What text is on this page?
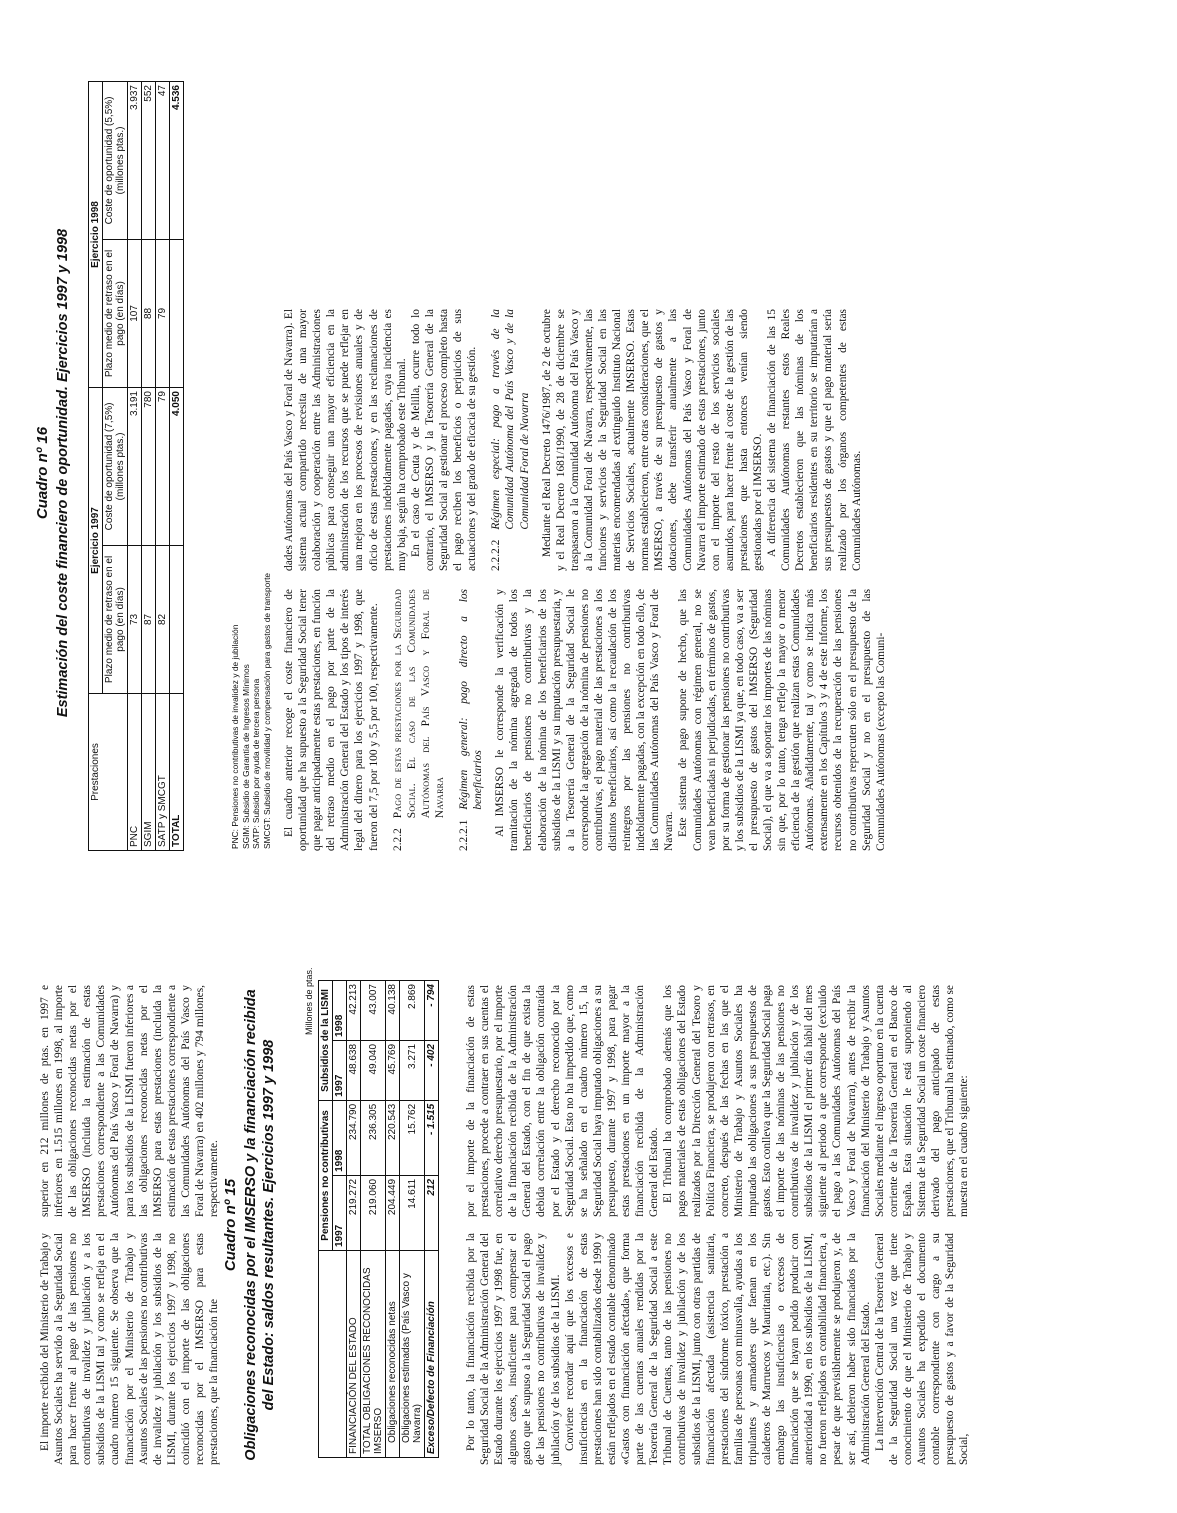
El importe recibido del Ministerio de Trabajo y Asuntos Sociales ha servido a la Seguridad Social para hacer frente al pago de las pensiones no contributivas de invalidez y jubilación y a los subsidios de la LISMI tal y como se refleja en el cuadro número 15 siguiente. Se observa que la financiación por el Ministerio de Trabajo y Asuntos Sociales de las pensiones no contributivas de invalidez y jubilación y los subsidios de la LISMI, durante los ejercicios 1997 y 1998, no coincidió con el importe de las obligaciones reconocidas por el IMSERSO para estas prestaciones, que la financiación fue

superior en 212 millones de ptas. en 1997 e inferiores en 1.515 millones en 1998, al importe de las obligaciones reconocidas netas por el IMSERSO (incluida la estimación de estas prestaciones correspondiente a las Comunidades Autónomas del País Vasco y Foral de Navarra) y para los subsidios de la LISMI fueron inferiores a las obligaciones reconocidas netas por el IMSERSO para estas prestaciones (incluida la estimación de estas prestaciones correspondiente a las Comunidades Autónomas del País Vasco y Foral de Navarra) en 402 millones y 794 millones, respectivamente.

Cuadro nº 15 Obligaciones reconocidas por el IMSERSO y la financiación recibida del Estado: saldos resultantes. Ejercicios 1997 y 1998
Millones de ptas.
	Pensiones no contributivas		Subsidios de la LISMI	
	1997	1998	1997	1998
FINANCIACIÓN DEL ESTADO	219.272	234.790	48.638	42.213
TOTAL OBLIGACIONES RECONOCIDAS IMSERSO	219.060	236.305	49.040	43.007
Obligaciones reconocidas netas	204.449	220.543	45.769	40.138
Obligaciones estimadas (País Vasco y Navarra)	14.611	15.762	3.271	2.869
Exceso/Defecto de Financiación	212	- 1.515	- 402	- 794

Por lo tanto, la financiación recibida por la Seguridad Social de la Administración General del Estado durante los ejercicios 1997 y 1998 fue, en algunos casos, insuficiente para compensar el gasto que le supuso a la Seguridad Social el pago de las pensiones no contributivas de invalidez y jubilación y de los subsidios de la LISMI. Conviene recordar aquí que los excesos e insuficiencias en la financiación de estas prestaciones han sido contabilizados desde 1990 y están reflejados en el estado contable denominado «Gastos con financiación afectada», que forma parte de las cuentas anuales rendidas por la Tesorería General de la Seguridad Social a este Tribunal de Cuentas, tanto de las pensiones no contributivas de invalidez y jubilación y de los subsidios de la LISMI, junto con otras partidas de financiación afectada (asistencia sanitaria, prestaciones del síndrome tóxico, prestación a familias de personas con minusvalía, ayudas a los tripulantes y armadores que faenan en los caladeros de Marruecos y Mauritania, etc.). Sin embargo las insuficiencias o excesos de financiación que se hayan podido producir con anterioridad a 1990, en los subsidios de la LISMI, no fueron reflejados en contabilidad financiera, a pesar de que previsiblemente se produjeron y, de ser así, debieron haber sido financiados por la Administración General del Estado. La Intervención Central de la Tesorería General de la Seguridad Social una vez que tiene conocimiento de que el Ministerio de Trabajo y Asuntos Sociales ha expedido el documento contable correspondiente con cargo a su presupuesto de gastos y a favor de la Seguridad Social,

por el importe de la financiación de estas prestaciones, procede a contraer en sus cuentas el correlativo derecho presupuestario, por el importe de la financiación recibida de la Administración General del Estado, con el fin de que exista la debida correlación entre la obligación contraída por el Estado y el derecho reconocido por la Seguridad Social. Esto no ha impedido que, como se ha señalado en el cuadro número 15, la Seguridad Social haya imputado obligaciones a su presupuesto, durante 1997 y 1998, para pagar estas prestaciones en un importe mayor a la financiación recibida de la Administración General del Estado. El Tribunal ha comprobado además que los pagos materiales de estas obligaciones del Estado realizados por la Dirección General del Tesoro y Política Financiera, se produjeron con retrasos, en concreto, después de las fechas en las que el Ministerio de Trabajo y Asuntos Sociales ha imputado las obligaciones a sus presupuestos de gastos. Esto conlleva que la Seguridad Social paga el importe de las nóminas de las pensiones no contributivas de invalidez y jubilación y de los subsidios de la LISMI el primer día hábil del mes siguiente al periodo a que corresponde (excluido el pago a las Comunidades Autónomas del País Vasco y Foral de Navarra), antes de recibir la financiación del Ministerio de Trabajo y Asuntos Sociales mediante el ingreso oportuno en la cuenta corriente de la Tesorería General en el Banco de España. Esta situación le está suponiendo al Sistema de la Seguridad Social un coste financiero derivado del pago anticipado de estas prestaciones, que el Tribunal ha estimado, como se muestra en el cuadro siguiente:

Cuadro nº 16 Estimación del coste financiero de oportunidad. Ejercicios 1997 y 1998
Prestaciones	Ejercicio 1997		Ejercicio 1998	
	Plazo medio de retraso en el pago (en días)	Coste de oportunidad (7,5%) (millones ptas.)	Plazo medio de retraso en el pago (en días)	Coste de oportunidad (5,5%) (millones ptas.)
PNC	73	3.191	107	3.937
SGIM	87	780	88	552
SATP y SMCGT	82	79	79	47
TOTAL		4.050		4.536
PNC: Pensiones no contributivas de invalidez y de jubilación SGIM: Subsidio de Garantía de Ingresos Mínimos SATP: Subsidio por ayuda de tercera persona SMCGT: Subsidio de movilidad y compensación para gastos de transporte El cuadro anterior recoge el coste financiero de oportunidad que ha supuesto a la Seguridad Social tener que pagar anticipadamente estas prestaciones, en función del retraso medio en el pago por parte de la Administración General del Estado y los tipos de interés legal del dinero para los ejercicios 1997 y 1998, que fueron del 7,5 por 100 y 5,5 por 100, respectivamente. 2.2.2
Pago de estas prestaciones por la Seguridad Social. El caso de las Comunidades Autónomas del País Vasco y Foral de Navarra
2.2.2.1
Régimen general: pago directo a los beneficiarios Al IMSERSO le corresponde la verificación y tramitación de la nómina agregada de todos los beneficiarios de pensiones no contributivas y la elaboración de la nómina de los beneficiarios de los subsidios de la LISMI y su imputación presupuestaria, y a la Tesorería General de la Seguridad Social le corresponde la agregación de la nómina de pensiones no contributivas, el pago material de las prestaciones a los distintos beneficiarios, así como la recaudación de los reintegros por las pensiones no contributivas indebidamente pagadas, con la excepción en todo ello, de las Comunidades Autónomas del País Vasco y Foral de Navarra. Este sistema de pago supone de hecho, que las Comunidades Autónomas con régimen general, no se vean beneficiadas ni perjudicadas, en términos de gastos, por su forma de gestionar las pensiones no contributivas y los subsidios de la LISMI ya que, en todo caso, va a ser el presupuesto de gastos del IMSERSO (Seguridad Social), el que va a soportar los importes de las nóminas sin que, por lo tanto, tenga reflejo la mayor o menor eficiencia de la gestión que realizan estas Comunidades Autónomas. Añadidamente, tal y como se indica más extensamente en los Capítulos 3 y 4 de este Informe, los recursos obtenidos de la recuperación de las pensiones no contributivas repercuten sólo en el presupuesto de la Seguridad Social y no en el presupuesto de las Comunidades Autónomas (excepto las Comuni-

dades Autónomas del País Vasco y Foral de Navarra). El sistema actual compartido necesita de una mayor colaboración y cooperación entre las Administraciones públicas para conseguir una mayor eficiencia en la administración de los recursos que se puede reflejar en una mejora en los procesos de revisiones anuales y de oficio de estas prestaciones, y en las reclamaciones de prestaciones indebidamente pagadas, cuya incidencia es muy baja, según ha comprobado este Tribunal. En el caso de Ceuta y de Melilla, ocurre todo lo contrario, el IMSERSO y la Tesorería General de la Seguridad Social al gestionar el proceso completo hasta el pago reciben los beneficios o perjuicios de sus actuaciones y del grado de eficacia de su gestión. 2.2.2.2
Régimen especial: pago a través de la Comunidad Autónoma del País Vasco y de la Comunidad Foral de Navarra Mediante el Real Decreto 1476/1987, de 2 de octubre y el Real Decreto 1681/1990, de 28 de diciembre se traspasaron a la Comunidad Autónoma del País Vasco y a la Comunidad Foral de Navarra, respectivamente, las funciones y servicios de la Seguridad Social en las materias encomendadas al extinguido Instituto Nacional de Servicios Sociales, actualmente IMSERSO. Estas normas establecieron, entre otras consideraciones, que el IMSERSO, a través de su presupuesto de gastos y dotaciones, debe transferir anualmente a las Comunidades Autónomas del País Vasco y Foral de Navarra el importe estimado de estas prestaciones, junto con el importe del resto de los servicios sociales asumidos, para hacer frente al coste de la gestión de las prestaciones que hasta entonces venían siendo gestionadas por el IMSERSO. A diferencia del sistema de financiación de las 15 Comunidades Autónomas restantes estos Reales Decretos establecieron que las nóminas de los beneficiarios residentes en su territorio se imputarían a sus presupuestos de gastos y que el pago material sería realizado por los órganos competentes de estas Comunidades Autónomas.
